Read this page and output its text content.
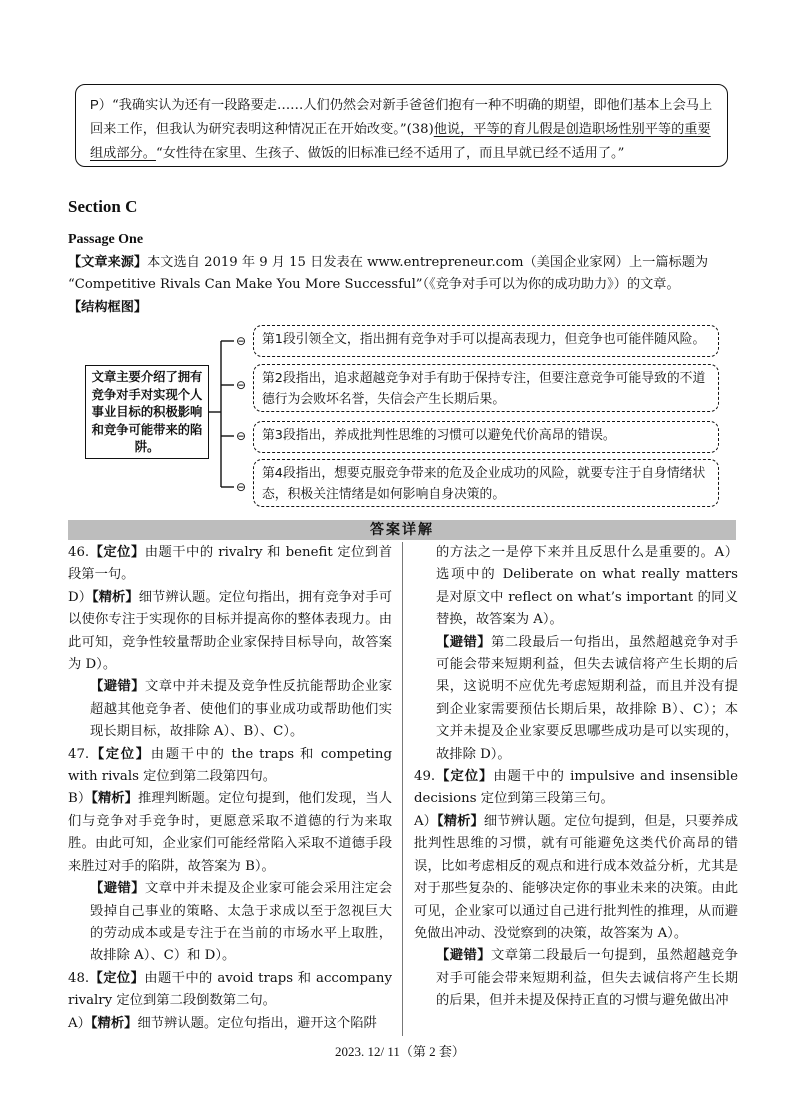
P）“我确实认为还有一段路要走……人们仍然会对新手爸爸们抱有一种不明确的期望，即他们基本上会马上回来工作，但我认为研究表明这种情况正在开始改变。”(38)他说，平等的育儿假是创造职场性别平等的重要组成部分。“女性待在家里、生孩子、做饭的旧标准已经不适用了，而且早就已经不适用了。”
Section C
Passage One
【文章来源】本文选自 2019 年 9 月 15 日发表在 www.entrepreneur.com（美国企业家网）上一篇标题为
“Competitive Rivals Can Make You More Successful”（《竞争对手可以为你的成功助力》）的文章。
【结构框图】
文章主要介绍了拥有竞争对手对实现个人事业目标的积极影响和竞争可能带来的陷阱。
⊖
⊖
⊖
⊖
第1段引领全文，指出拥有竞争对手可以提高表现力，但竞争也可能伴随风险。
第2段指出，追求超越竞争对手有助于保持专注，但要注意竞争可能导致的不道德行为会败坏名誉，失信会产生长期后果。
第3段指出，养成批判性思维的习惯可以避免代价高昂的错误。
第4段指出，想要克服竞争带来的危及企业成功的风险，就要专注于自身情绪状态，积极关注情绪是如何影响自身决策的。
答案详解

46.【定位】由题干中的 rivalry 和 benefit 定位到首段第一句。

D）【精析】细节辨认题。定位句指出，拥有竞争对手可以使你专注于实现你的目标并提高你的整体表现力。由此可知，竞争性较量帮助企业家保持目标导向，故答案为 D）。

【避错】文章中并未提及竞争性反抗能帮助企业家超越其他竞争者、使他们的事业成功或帮助他们实现长期目标，故排除 A）、B）、C）。

47.【定位】由题干中的 the traps 和 competing with rivals 定位到第二段第四句。

B）【精析】推理判断题。定位句提到，他们发现，当人们与竞争对手竞争时，更愿意采取不道德的行为来取胜。由此可知，企业家们可能经常陷入采取不道德手段来胜过对手的陷阱，故答案为 B）。

【避错】文章中并未提及企业家可能会采用注定会毁掉自己事业的策略、太急于求成以至于忽视巨大的劳动成本或是专注于在当前的市场水平上取胜，故排除 A）、C）和 D）。

48.【定位】由题干中的 avoid traps 和 accompany rivalry 定位到第二段倒数第二句。

A）【精析】细节辨认题。定位句指出，避开这个陷阱

的方法之一是停下来并且反思什么是重要的。A）选项中的 Deliberate on what really matters 是对原文中 reflect on what’s important 的同义替换，故答案为 A）。

【避错】第二段最后一句指出，虽然超越竞争对手可能会带来短期利益，但失去诚信将产生长期的后果，这说明不应优先考虑短期利益，而且并没有提到企业家需要预估长期后果，故排除 B）、C）；本文并未提及企业家要反思哪些成功是可以实现的，故排除 D）。

49.【定位】由题干中的 impulsive and insensible decisions 定位到第三段第三句。

A）【精析】细节辨认题。定位句提到，但是，只要养成批判性思维的习惯，就有可能避免这类代价高昂的错误，比如考虑相反的观点和进行成本效益分析，尤其是对于那些复杂的、能够决定你的事业未来的决策。由此可见，企业家可以通过自己进行批判性的推理，从而避免做出冲动、没觉察到的决策，故答案为 A）。

【避错】文章第二段最后一句提到，虽然超越竞争对手可能会带来短期利益，但失去诚信将产生长期的后果，但并未提及保持正直的习惯与避免做出冲

2023. 12/ 11（第 2 套）
